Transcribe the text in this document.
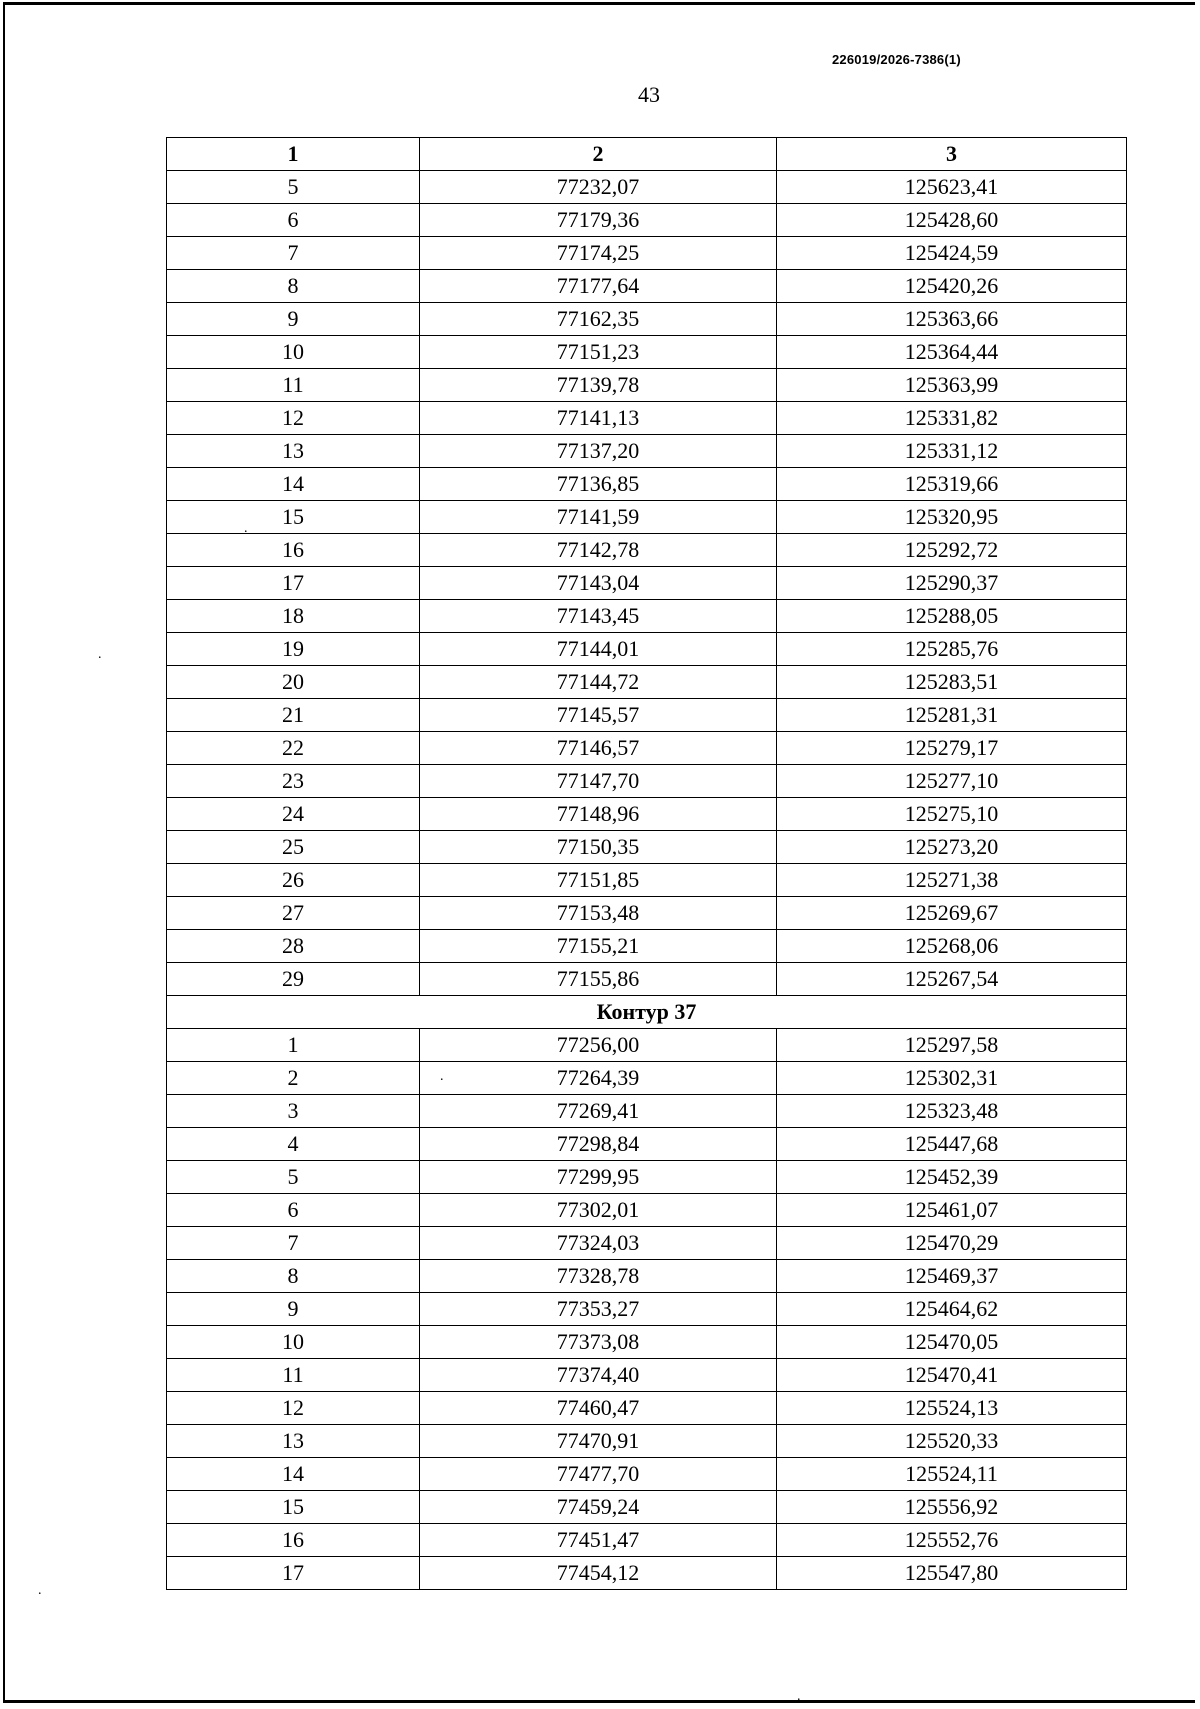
226019/2026-7386(1)
43
1	2	3
5	77232,07	125623,41
6	77179,36	125428,60
7	77174,25	125424,59
8	77177,64	125420,26
9	77162,35	125363,66
10	77151,23	125364,44
11	77139,78	125363,99
12	77141,13	125331,82
13	77137,20	125331,12
14	77136,85	125319,66
15	77141,59	125320,95
16	77142,78	125292,72
17	77143,04	125290,37
18	77143,45	125288,05
19	77144,01	125285,76
20	77144,72	125283,51
21	77145,57	125281,31
22	77146,57	125279,17
23	77147,70	125277,10
24	77148,96	125275,10
25	77150,35	125273,20
26	77151,85	125271,38
27	77153,48	125269,67
28	77155,21	125268,06
29	77155,86	125267,54
Контур 37		
1	77256,00	125297,58
2	77264,39	125302,31
3	77269,41	125323,48
4	77298,84	125447,68
5	77299,95	125452,39
6	77302,01	125461,07
7	77324,03	125470,29
8	77328,78	125469,37
9	77353,27	125464,62
10	77373,08	125470,05
11	77374,40	125470,41
12	77460,47	125524,13
13	77470,91	125520,33
14	77477,70	125524,11
15	77459,24	125556,92
16	77451,47	125552,76
17	77454,12	125547,80
.
.
.
.
.
